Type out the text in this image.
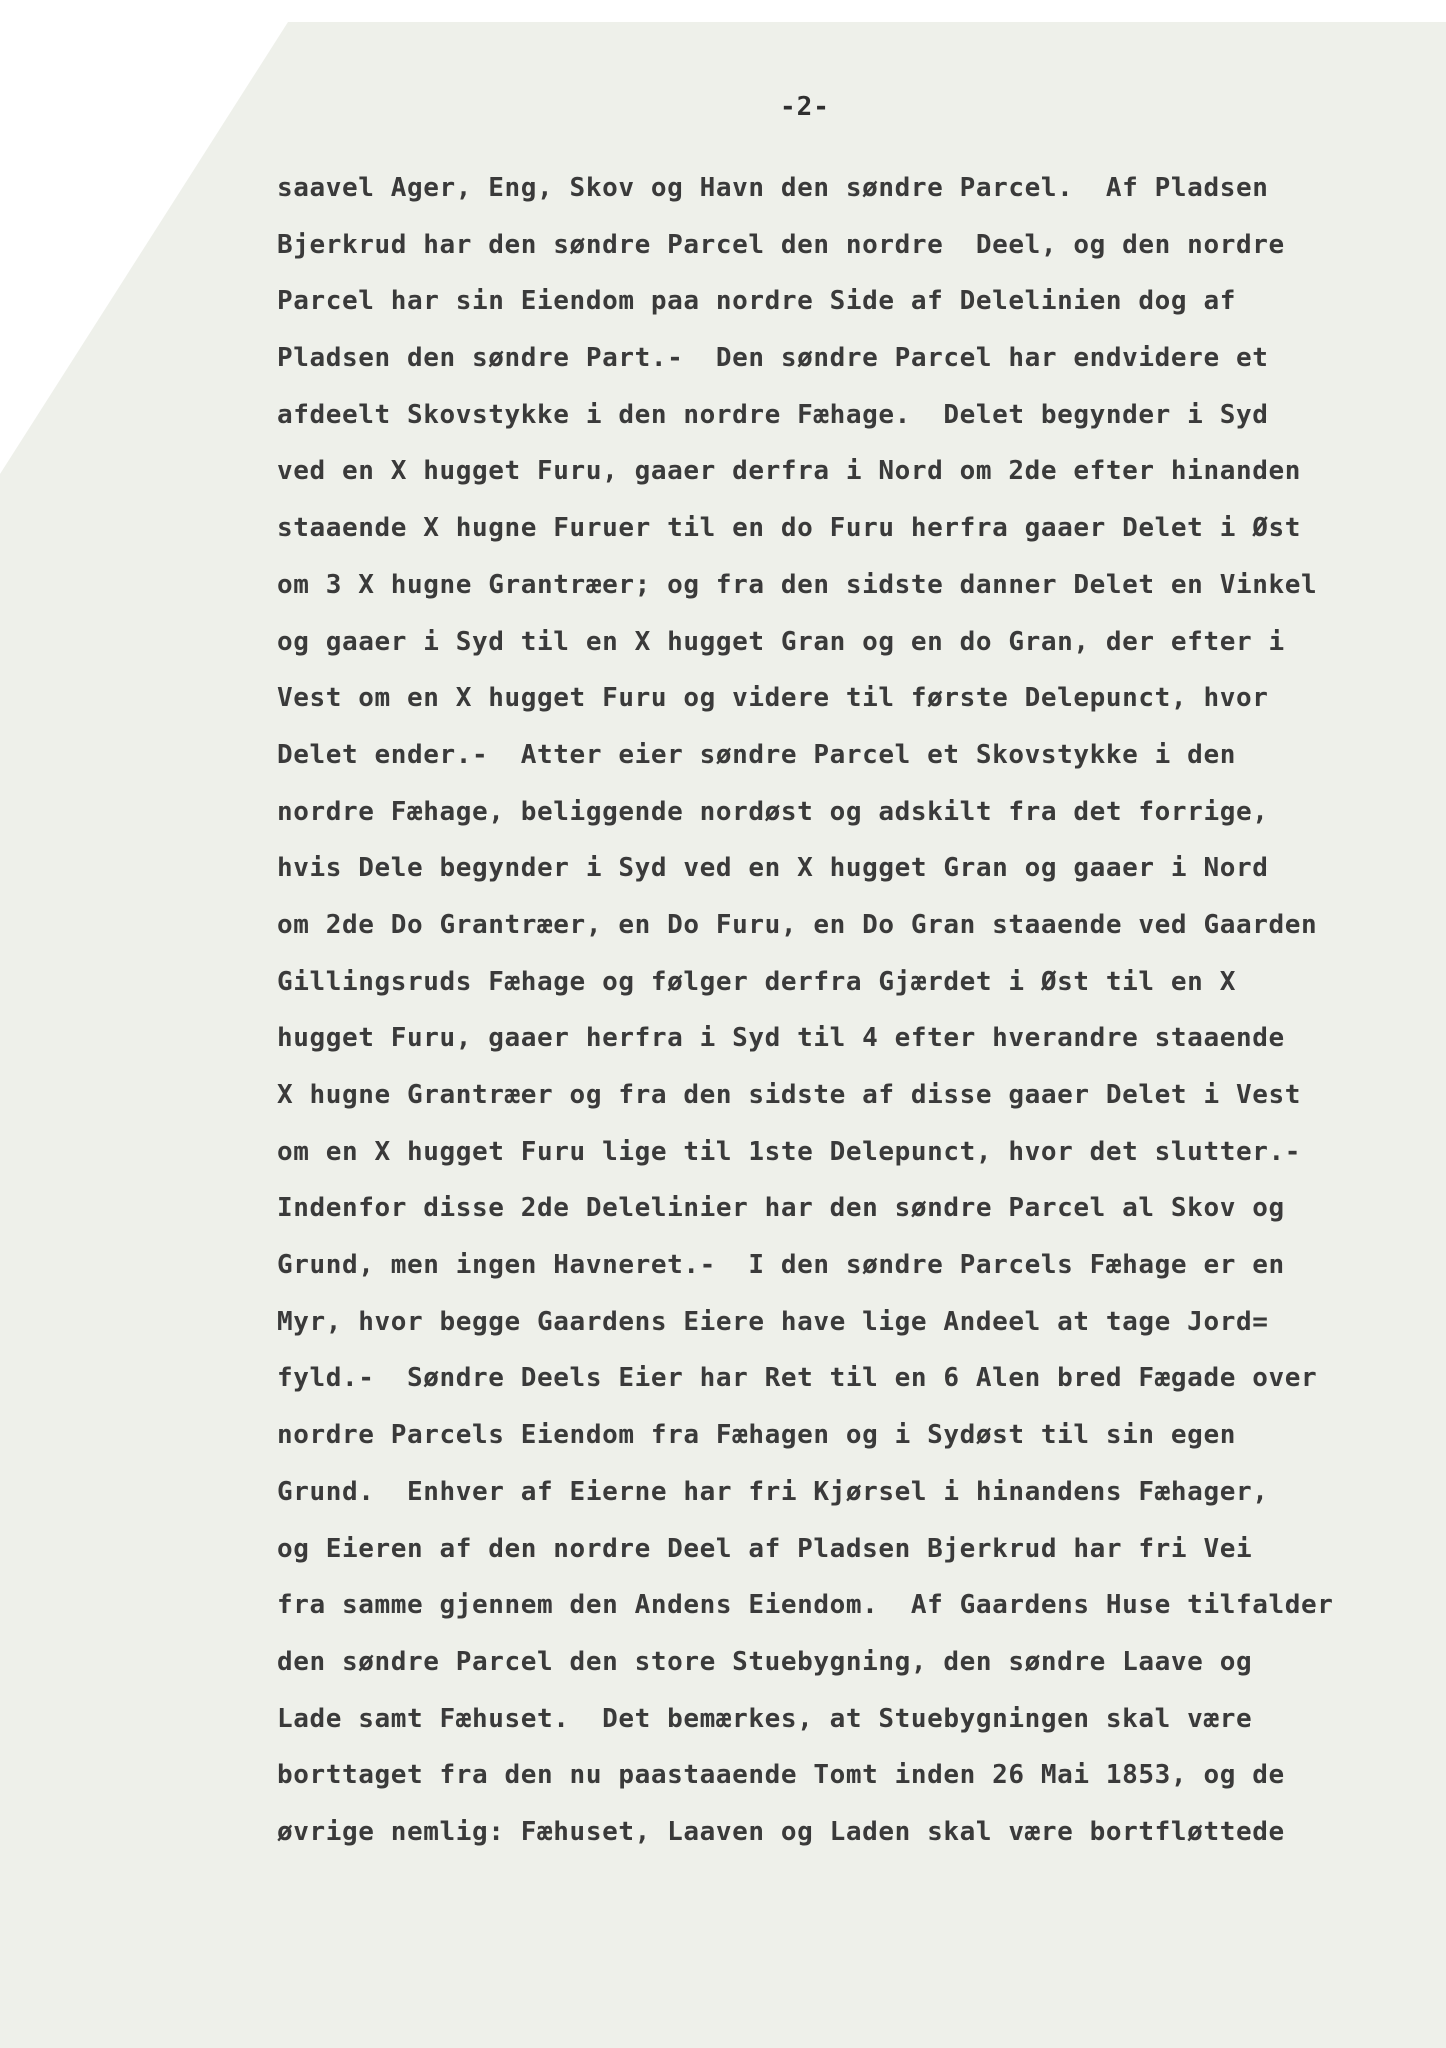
-2-
saavel Ager, Eng, Skov og Havn den søndre Parcel.  Af Pladsen
Bjerkrud har den søndre Parcel den nordre  Deel, og den nordre
Parcel har sin Eiendom paa nordre Side af Delelinien dog af
Pladsen den søndre Part.-  Den søndre Parcel har endvidere et
afdeelt Skovstykke i den nordre Fæhage.  Delet begynder i Syd
ved en X hugget Furu, gaaer derfra i Nord om 2de efter hinanden
staaende X hugne Furuer til en do Furu herfra gaaer Delet i Øst
om 3 X hugne Grantræer; og fra den sidste danner Delet en Vinkel
og gaaer i Syd til en X hugget Gran og en do Gran, der efter i
Vest om en X hugget Furu og videre til første Delepunct, hvor
Delet ender.-  Atter eier søndre Parcel et Skovstykke i den
nordre Fæhage, beliggende nordøst og adskilt fra det forrige,
hvis Dele begynder i Syd ved en X hugget Gran og gaaer i Nord
om 2de Do Grantræer, en Do Furu, en Do Gran staaende ved Gaarden
Gillingsruds Fæhage og følger derfra Gjærdet i Øst til en X
hugget Furu, gaaer herfra i Syd til 4 efter hverandre staaende
X hugne Grantræer og fra den sidste af disse gaaer Delet i Vest
om en X hugget Furu lige til 1ste Delepunct, hvor det slutter.-
Indenfor disse 2de Delelinier har den søndre Parcel al Skov og
Grund, men ingen Havneret.-  I den søndre Parcels Fæhage er en
Myr, hvor begge Gaardens Eiere have lige Andeel at tage Jord=
fyld.-  Søndre Deels Eier har Ret til en 6 Alen bred Fægade over
nordre Parcels Eiendom fra Fæhagen og i Sydøst til sin egen
Grund.  Enhver af Eierne har fri Kjørsel i hinandens Fæhager,
og Eieren af den nordre Deel af Pladsen Bjerkrud har fri Vei
fra samme gjennem den Andens Eiendom.  Af Gaardens Huse tilfalder
den søndre Parcel den store Stuebygning, den søndre Laave og
Lade samt Fæhuset.  Det bemærkes, at Stuebygningen skal være
borttaget fra den nu paastaaende Tomt inden 26 Mai 1853, og de
øvrige nemlig: Fæhuset, Laaven og Laden skal være bortfløttede
